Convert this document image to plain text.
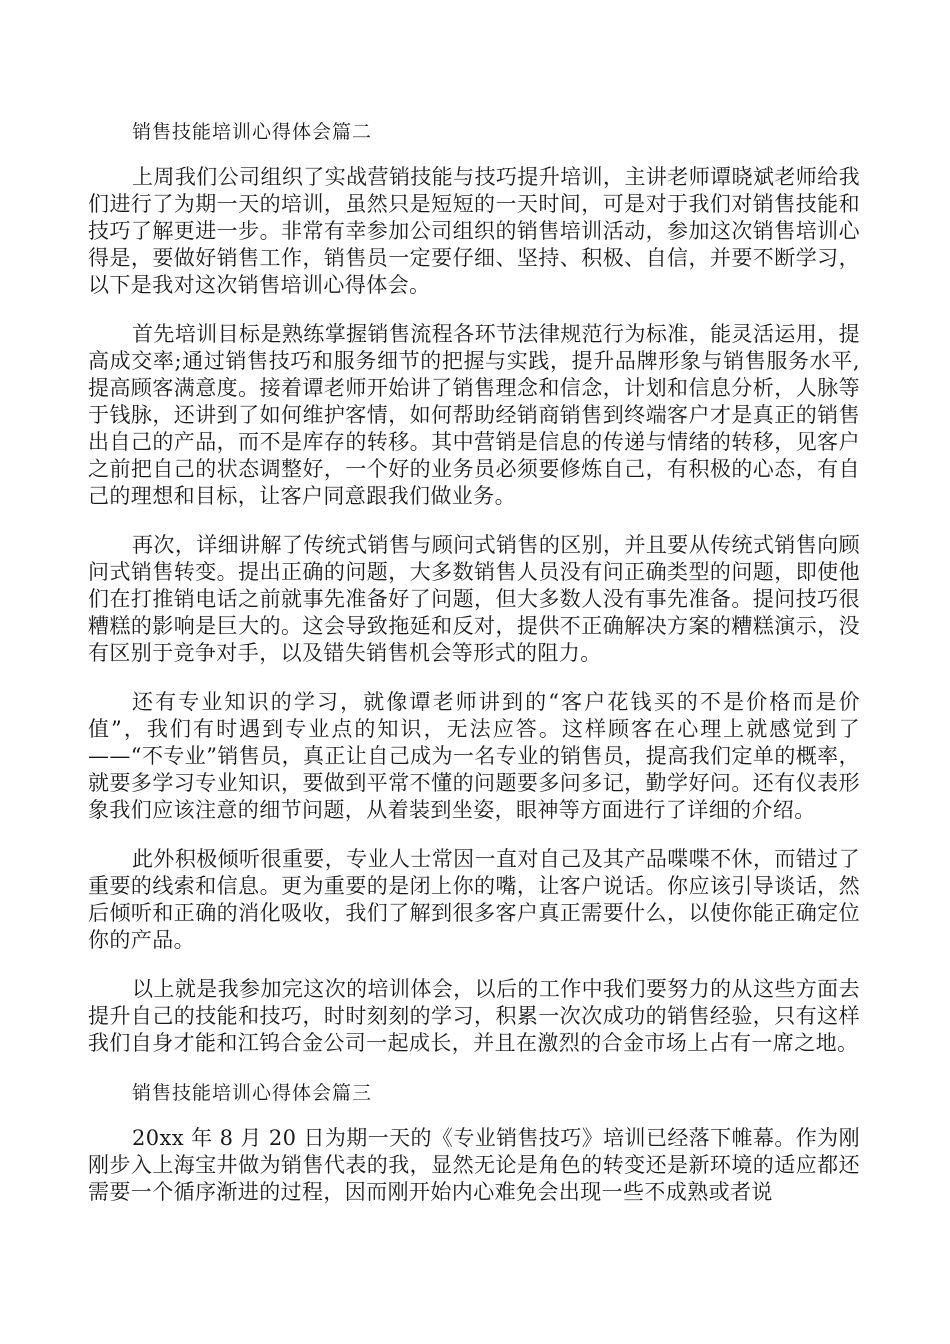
销售技能培训心得体会篇二

上周我们公司组织了实战营销技能与技巧提升培训，主讲老师谭晓斌老师给我们进行了为期一天的培训，虽然只是短短的一天时间，可是对于我们对销售技能和技巧了解更进一步。非常有幸参加公司组织的销售培训活动，参加这次销售培训心得是，要做好销售工作，销售员一定要仔细、坚持、积极、自信，并要不断学习，以下是我对这次销售培训心得体会。

首先培训目标是熟练掌握销售流程各环节法律规范行为标准，能灵活运用，提高成交率;通过销售技巧和服务细节的把握与实践，提升品牌形象与销售服务水平,提高顾客满意度。接着谭老师开始讲了销售理念和信念，计划和信息分析，人脉等于钱脉，还讲到了如何维护客情，如何帮助经销商销售到终端客户才是真正的销售出自己的产品，而不是库存的转移。其中营销是信息的传递与情绪的转移，见客户之前把自己的状态调整好，一个好的业务员必须要修炼自己，有积极的心态，有自己的理想和目标，让客户同意跟我们做业务。

再次，详细讲解了传统式销售与顾问式销售的区别，并且要从传统式销售向顾问式销售转变。提出正确的问题，大多数销售人员没有问正确类型的问题，即使他们在打推销电话之前就事先准备好了问题，但大多数人没有事先准备。提问技巧很糟糕的影响是巨大的。这会导致拖延和反对，提供不正确解决方案的糟糕演示，没有区别于竞争对手，以及错失销售机会等形式的阻力。

还有专业知识的学习，就像谭老师讲到的“客户花钱买的不是价格而是价值”，我们有时遇到专业点的知识，无法应答。这样顾客在心理上就感觉到了——“不专业”销售员，真正让自己成为一名专业的销售员，提高我们定单的概率，就要多学习专业知识，要做到平常不懂的问题要多问多记，勤学好问。还有仪表形象我们应该注意的细节问题，从着装到坐姿，眼神等方面进行了详细的介绍。

此外积极倾听很重要，专业人士常因一直对自己及其产品喋喋不休，而错过了重要的线索和信息。更为重要的是闭上你的嘴，让客户说话。你应该引导谈话，然后倾听和正确的消化吸收，我们了解到很多客户真正需要什么，以使你能正确定位你的产品。

以上就是我参加完这次的培训体会，以后的工作中我们要努力的从这些方面去提升自己的技能和技巧，时时刻刻的学习，积累一次次成功的销售经验，只有这样我们自身才能和江钨合金公司一起成长，并且在激烈的合金市场上占有一席之地。

销售技能培训心得体会篇三

20xx 年 8 月 20 日为期一天的《专业销售技巧》培训已经落下帷幕。作为刚刚步入上海宝井做为销售代表的我，显然无论是角色的转变还是新环境的适应都还需要一个循序渐进的过程，因而刚开始内心难免会出现一些不成熟或者说
